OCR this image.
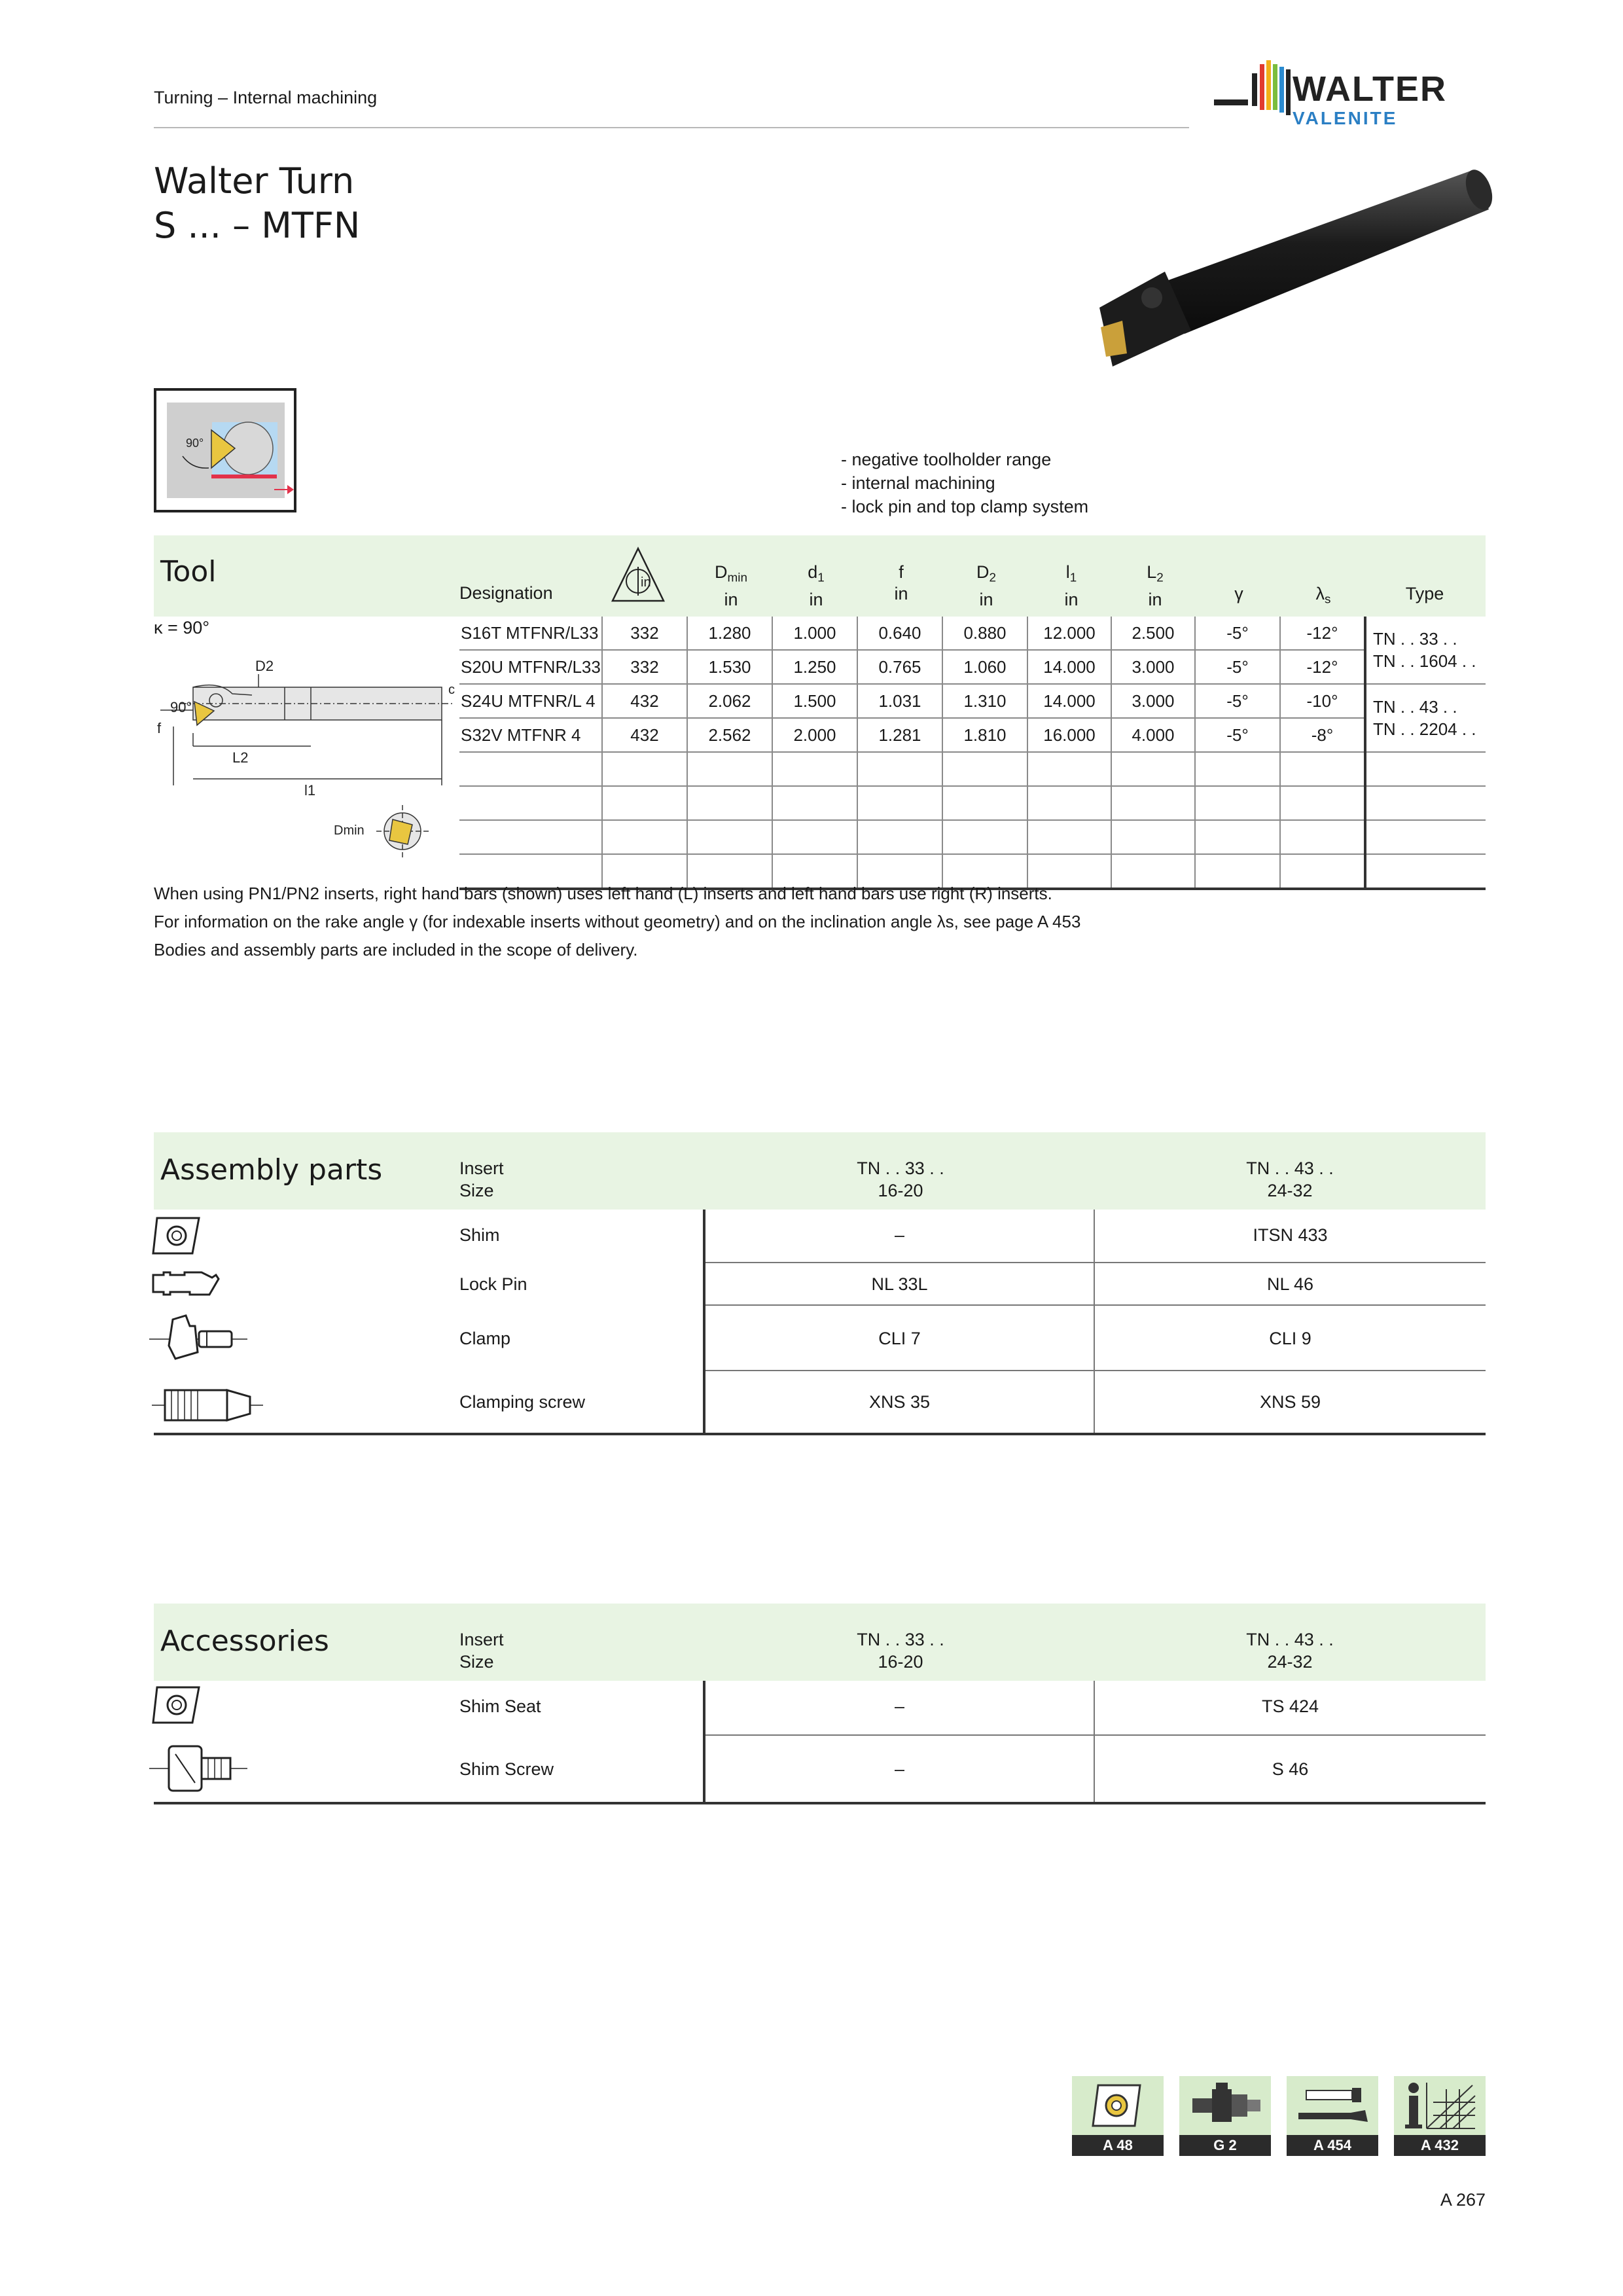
Turning – Internal machining	WALTER
VALENITE
Walter Turn
S ... – MTFN
90°
- negative toolholder range
- internal machining
- lock pin and top clamp system
Tool
Designation
in
$D_{min}$
in
$d_1$
in
f
in
$D_2$
in
$l_1$
in
$L_2$
in	γ	$\lambda_s$	Type
κ = 90°
D2
90°
f
L2
l1
Dmin
c
S16T MTFNR/L33	332	1.280	1.000	0.640	0.880	12.000	2.500	-5°	-12°	TN . . 33 . .
TN . . 1604 . .

S20U MTFNR/L33	332	1.530	1.250	0.765	1.060	14.000	3.000	-5°	-12°	
S24U MTFNR/L 4	432	2.062	1.500	1.031	1.310	14.000	3.000	-5°	-10°	TN . . 43 . .
TN . . 2204 . .

S32V MTFNR 4	432	2.562	2.000	1.281	1.810	16.000	4.000	-5°	-8°	

When using PN1/PN2 inserts, right hand bars (shown) uses left hand (L) inserts and left hand bars use right (R) inserts.
For information on the rake angle γ (for indexable inserts without geometry) and on the inclination angle λs, see page A 453
Bodies and assembly parts are included in the scope of delivery.
Assembly parts	Insert
Size
TN . . 33 . .
16-20
TN . . 43 . .
24-32
Shim	–	ITSN 433
Lock Pin	NL 33L	NL 46
Clamp	CLI 7	CLI 9
Clamping screw	XNS 35	XNS 59
Accessories	Insert
Size
TN . . 33 . .
16-20
TN . . 43 . .
24-32
Shim Seat	–	TS 424
Shim Screw	–	S 46
A 48	G 2	A 454	A 432
A 267
